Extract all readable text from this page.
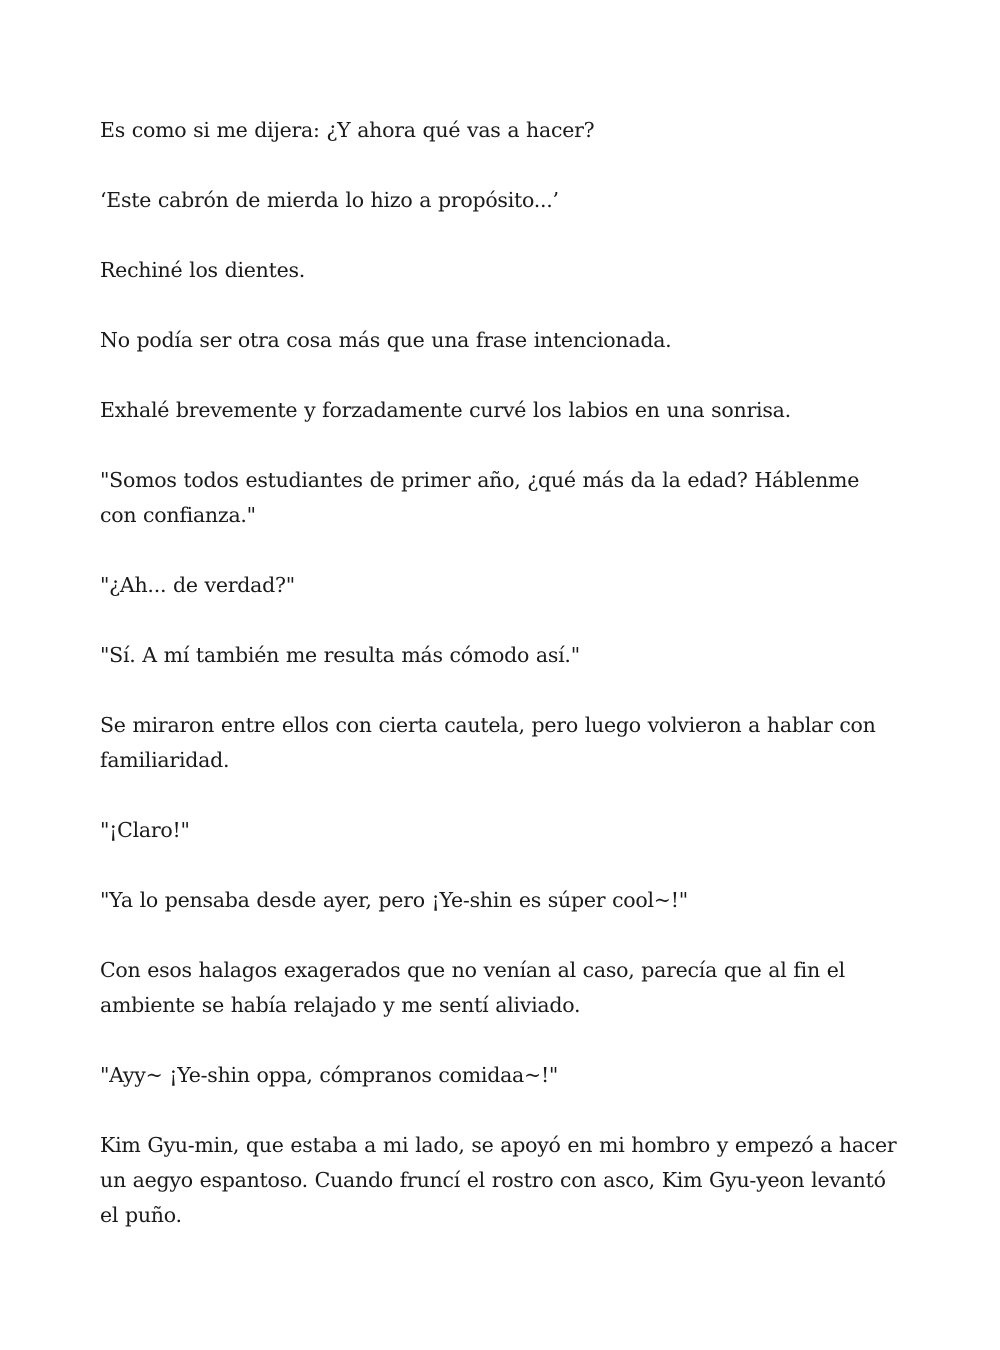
Es como si me dijera: ¿Y ahora qué vas a hacer?

‘Este cabrón de mierda lo hizo a propósito...’

Rechiné los dientes.

No podía ser otra cosa más que una frase intencionada.

Exhalé brevemente y forzadamente curvé los labios en una sonrisa.

"Somos todos estudiantes de primer año, ¿qué más da la edad? Háblenme con confianza."

"¿Ah... de verdad?"

"Sí. A mí también me resulta más cómodo así."

Se miraron entre ellos con cierta cautela, pero luego volvieron a hablar con familiaridad.

"¡Claro!"

"Ya lo pensaba desde ayer, pero ¡Ye-shin es súper cool~!"

Con esos halagos exagerados que no venían al caso, parecía que al fin el ambiente se había relajado y me sentí aliviado.

"Ayy~ ¡Ye-shin oppa, cómpranos comidaa~!"

Kim Gyu-min, que estaba a mi lado, se apoyó en mi hombro y empezó a hacer un aegyo espantoso. Cuando fruncí el rostro con asco, Kim Gyu-yeon levantó el puño.
